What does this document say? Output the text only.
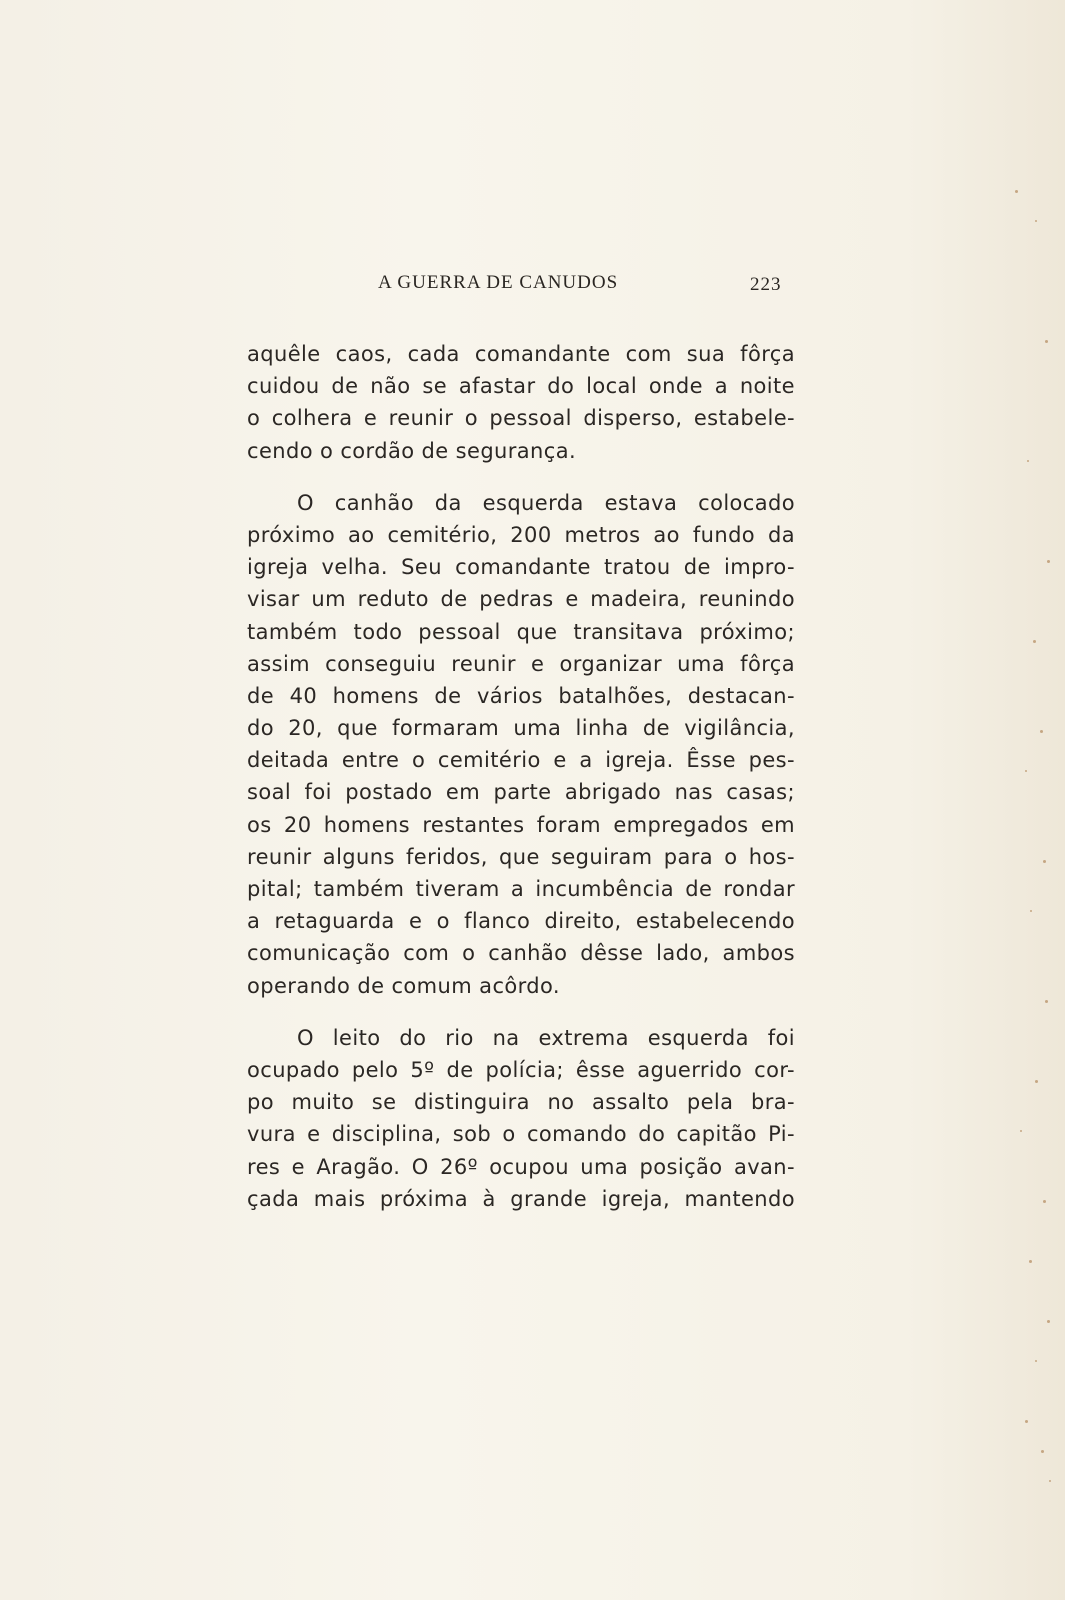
A GUERRA DE CANUDOS	223

aquêle caos, cada comandante com sua fôrça
cuidou de não se afastar do local onde a noite
o colhera e reunir o pessoal disperso, estabele-
cendo o cordão de segurança.

O canhão da esquerda estava colocado
próximo ao cemitério, 200 metros ao fundo da
igreja velha. Seu comandante tratou de impro-
visar um reduto de pedras e madeira, reunindo
também todo pessoal que transitava próximo;
assim conseguiu reunir e organizar uma fôrça
de 40 homens de vários batalhões, destacan-
do 20, que formaram uma linha de vigilância,
deitada entre o cemitério e a igreja. Êsse pes-
soal foi postado em parte abrigado nas casas;
os 20 homens restantes foram empregados em
reunir alguns feridos, que seguiram para o hos-
pital; também tiveram a incumbência de rondar
a retaguarda e o flanco direito, estabelecendo
comunicação com o canhão dêsse lado, ambos
operando de comum acôrdo.

O leito do rio na extrema esquerda foi
ocupado pelo 5º de polícia; êsse aguerrido cor-
po muito se distinguira no assalto pela bra-
vura e disciplina, sob o comando do capitão Pi-
res e Aragão. O 26º ocupou uma posição avan-
çada mais próxima à grande igreja, mantendo
